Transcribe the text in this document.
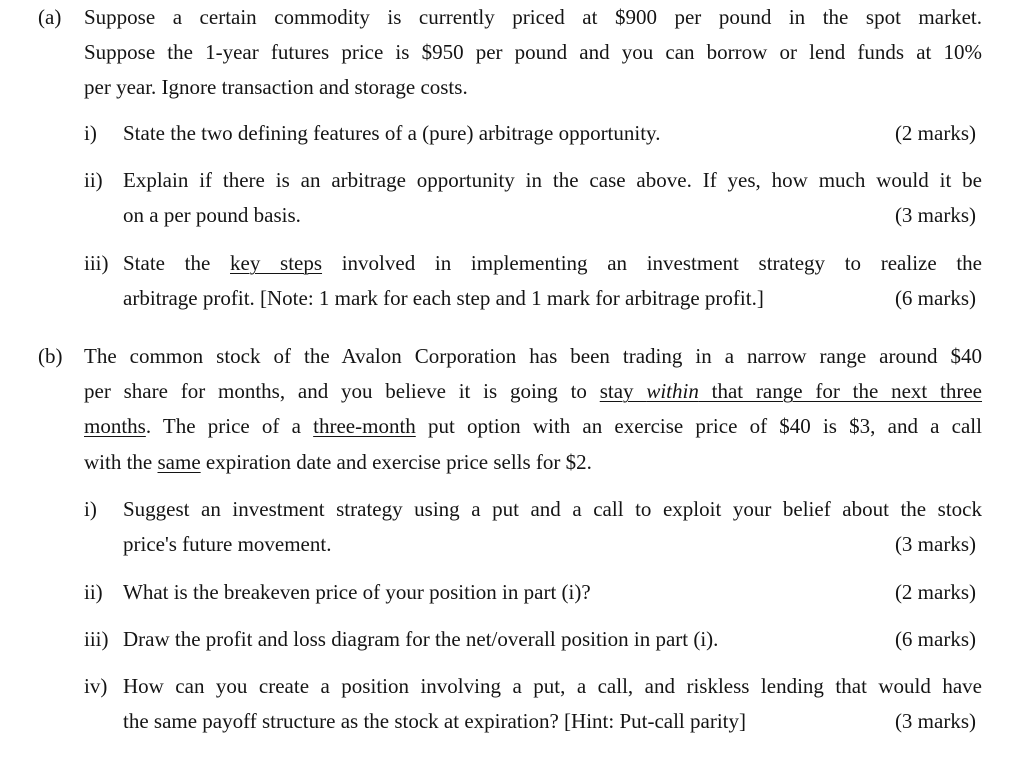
(a) Suppose a certain commodity is currently priced at $900 per pound in the spot market.
Suppose the 1-year futures price is $950 per pound and you can borrow or lend funds at 10%
per year. Ignore transaction and storage costs.
i) State the two defining features of a (pure) arbitrage opportunity.	(2 marks)
ii) Explain if there is an arbitrage opportunity in the case above. If yes, how much would it be
on a per pound basis.	(3 marks)
iii) State the key steps involved in implementing an investment strategy to realize the
arbitrage profit. [Note: 1 mark for each step and 1 mark for arbitrage profit.]	(6 marks)
(b) The common stock of the Avalon Corporation has been trading in a narrow range around $40
per share for months, and you believe it is going to stay within that range for the next three
months. The price of a three-month put option with an exercise price of $40 is $3, and a call
with the same expiration date and exercise price sells for $2.
i) Suggest an investment strategy using a put and a call to exploit your belief about the stock
price's future movement.	(3 marks)
ii) What is the breakeven price of your position in part (i)?	(2 marks)
iii) Draw the profit and loss diagram for the net/overall position in part (i).	(6 marks)
iv) How can you create a position involving a put, a call, and riskless lending that would have
the same payoff structure as the stock at expiration? [Hint: Put-call parity]	(3 marks)
